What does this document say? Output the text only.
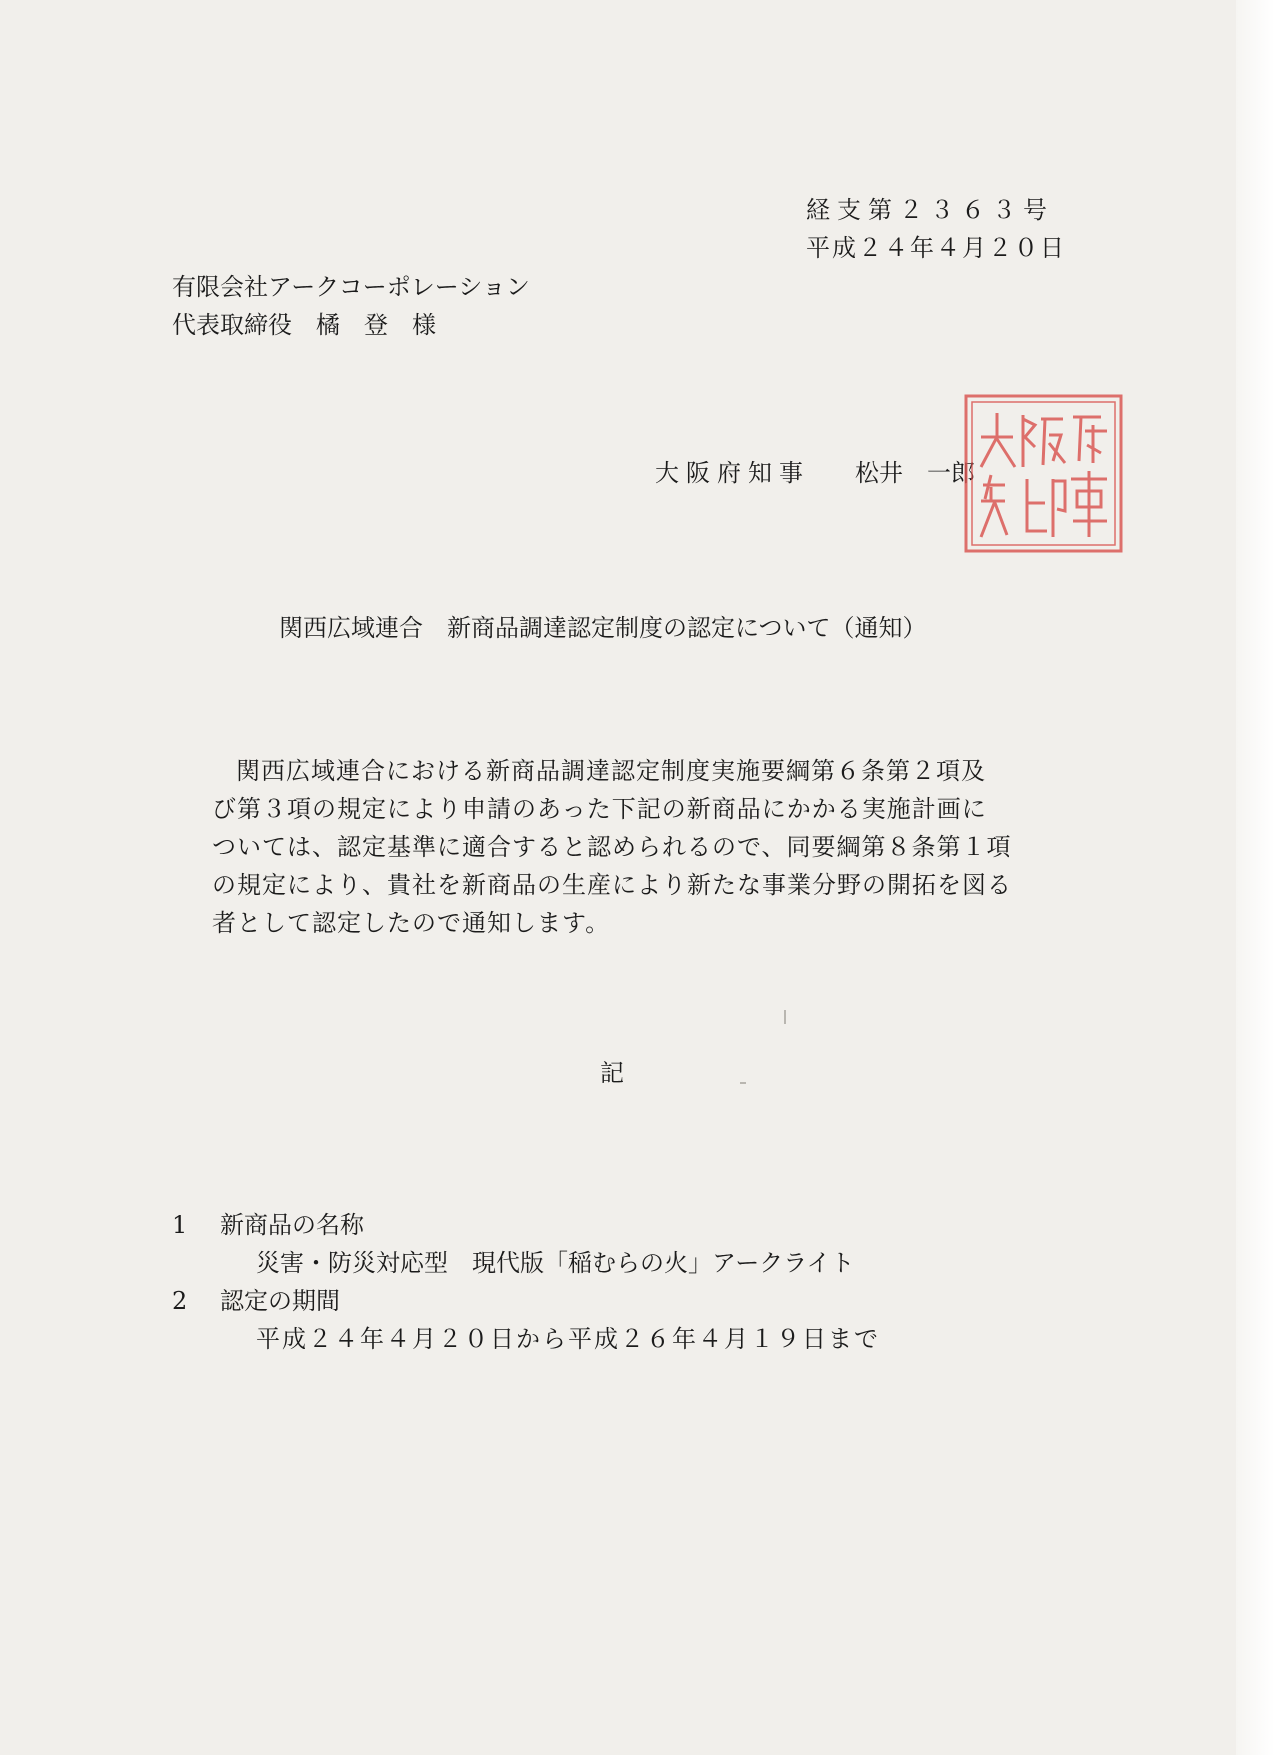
経支第２３６３号
平成２４年４月２０日
有限会社アークコーポレーション
代表取締役　橘　登　様
大阪府知事 松井　一郎
関西広域連合　新商品調達認定制度の認定について（通知）
関西広域連合における新商品調達認定制度実施要綱第６条第２項及
び第３項の規定により申請のあった下記の新商品にかかる実施計画に
ついては、認定基準に適合すると認められるので、同要綱第８条第１項
の規定により、貴社を新商品の生産により新たな事業分野の開拓を図る
者として認定したので通知します。
記
1 新商品の名称
災害・防災対応型　現代版「稲むらの火」アークライト
2 認定の期間
平成２４年４月２０日から平成２６年４月１９日まで
